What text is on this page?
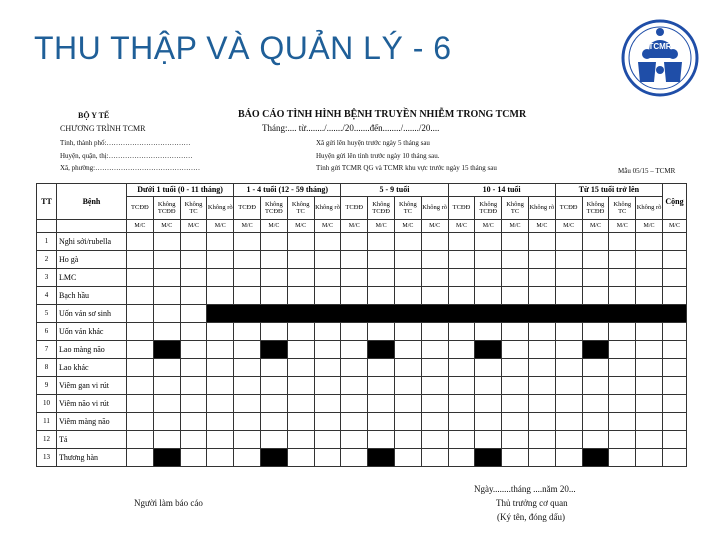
THU THẬP VÀ QUẢN LÝ - 6	TCMR
BỘ Y TẾ
CHƯƠNG TRÌNH TCMR
Tỉnh, thành phố:………………………………
Huyện, quận, thị:………………………………
Xã, phường:………………………………………
BÁO CÁO TÌNH HÌNH BỆNH TRUYỀN NHIỄM TRONG TCMR
Tháng:.... từ......../......./20.......đến......../......./20....
Xã gửi lên huyện trước ngày 5 tháng sau
Huyện gửi lên tỉnh trước ngày 10 tháng sau.
Tỉnh gửi TCMR QG và TCMR khu vực trước ngày 15 tháng sau	Mẫu 05/15 – TCMR
TT	Bệnh	Dưới 1 tuổi (0 - 11 tháng)				1 - 4 tuổi (12 - 59 tháng)				5 - 9 tuổi				10 - 14 tuổi				Từ 15 tuổi trở lên				Cộng
		TCĐĐ	Không TCĐĐ	Không TC	Không rõ	TCĐĐ	Không TCĐĐ	Không TC	Không rõ	TCĐĐ	Không TCĐĐ	Không TC	Không rõ	TCĐĐ	Không TCĐĐ	Không TC	Không rõ	TCĐĐ	Không TCĐĐ	Không TC	Không rõ	
		M/C	M/C	M/C	M/C	M/C	M/C	M/C	M/C	M/C	M/C	M/C	M/C	M/C	M/C	M/C	M/C	M/C	M/C	M/C	M/C	M/C
1	Nghi sởi/rubella																					
2	Ho gà																					
3	LMC																					
4	Bạch hầu																					
5	Uốn ván sơ sinh																					
6	Uốn ván khác																					
7	Lao màng não																					
8	Lao khác																					
9	Viêm gan vi rút																					
10	Viêm não vi rút																					
11	Viêm màng não																					
12	Tả																					
13	Thương hàn																					
Người làm báo cáo
Ngày........tháng ....năm 20...
Thủ trưởng cơ quan
(Ký tên, đóng dấu)
